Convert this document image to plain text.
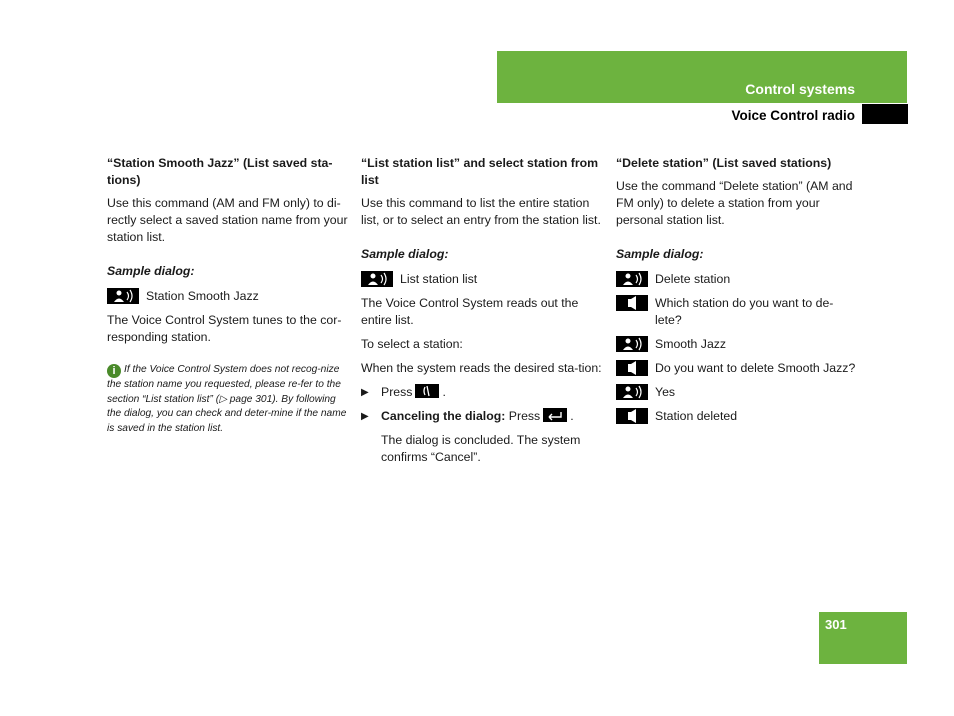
Control systems
Voice Control radio
“Station Smooth Jazz” (List saved sta-tions)
Use this command (AM and FM only) to di-rectly select a saved station name from your station list.
Sample dialog:
Station Smooth Jazz
The Voice Control System tunes to the cor-responding station.
i If the Voice Control System does not recog-nize the station name you requested, please re-fer to the section “List station list” (▷ page 301). By following the dialog, you can check and deter-mine if the name is saved in the station list.
“List station list” and select station from list
Use this command to list the entire station list, or to select an entry from the station list.
Sample dialog:
List station list
The Voice Control System reads out the entire list.
To select a station:
When the system reads the desired sta-tion:
▶ Press .
▶ Canceling the dialog: Press .
The dialog is concluded. The system confirms “Cancel”.
“Delete station” (List saved stations)
Use the command “Delete station” (AM and FM only) to delete a station from your personal station list.
Sample dialog:
Delete station
Which station do you want to de-lete?
Smooth Jazz
Do you want to delete Smooth Jazz?
Yes
Station deleted
301
